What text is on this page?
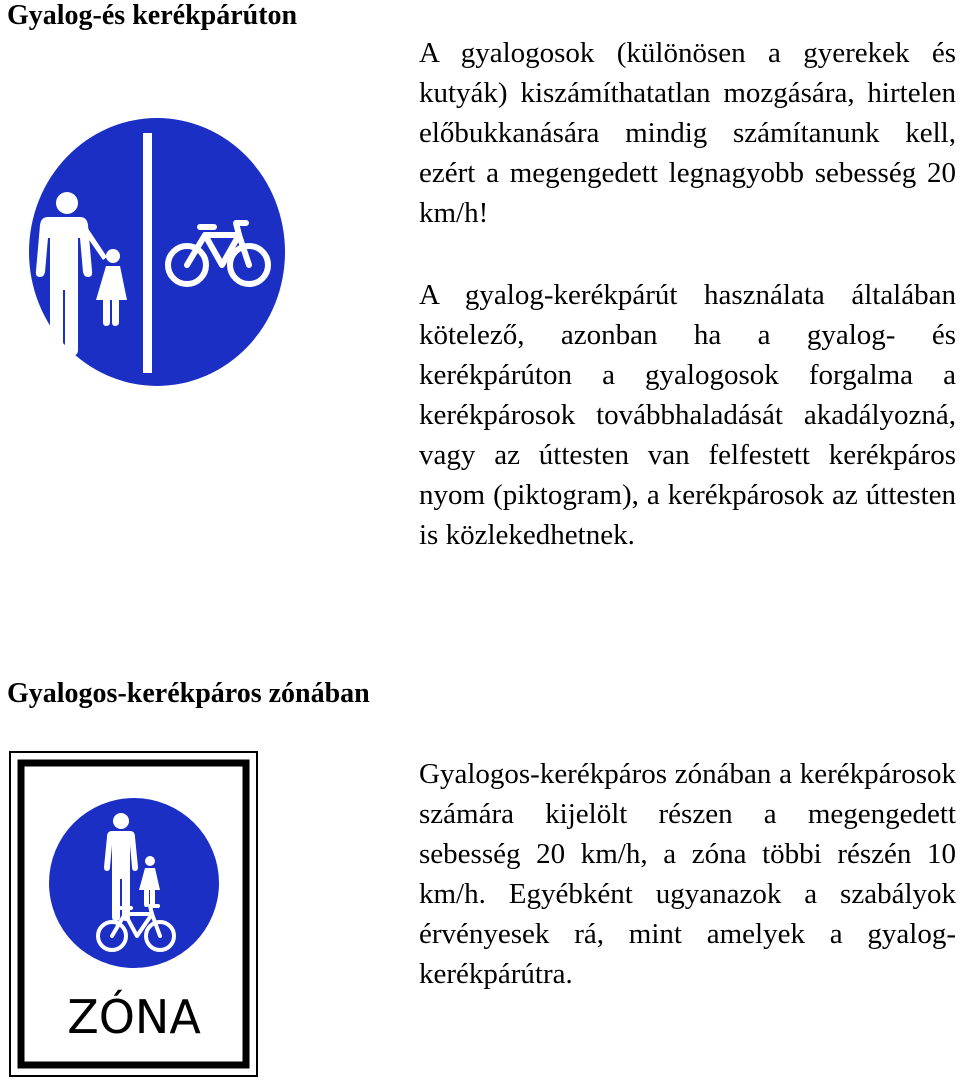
Gyalog-és kerékpárúton

A gyalogosok (különösen a gyerekek és kutyák) kiszámíthatatlan mozgására, hirtelen előbukkanására mindig számítanunk kell, ezért a megengedett legnagyobb sebesség 20 km/h!

A gyalog-kerékpárút használata általában kötelező, azonban ha a gyalog- és kerékpárúton a gyalogosok forgalma a kerékpárosok továbbhaladását akadályozná, vagy az úttesten van felfestett kerékpáros nyom (piktogram), a kerékpárosok az úttesten is közlekedhetnek.

Gyalogos-kerékpáros zónában
ZÓNA

Gyalogos-kerékpáros zónában a kerékpárosok számára kijelölt részen a megengedett sebesség 20 km/h, a zóna többi részén 10 km/h. Egyébként ugyanazok a szabályok érvényesek rá, mint amelyek a gyalog-kerékpárútra.
